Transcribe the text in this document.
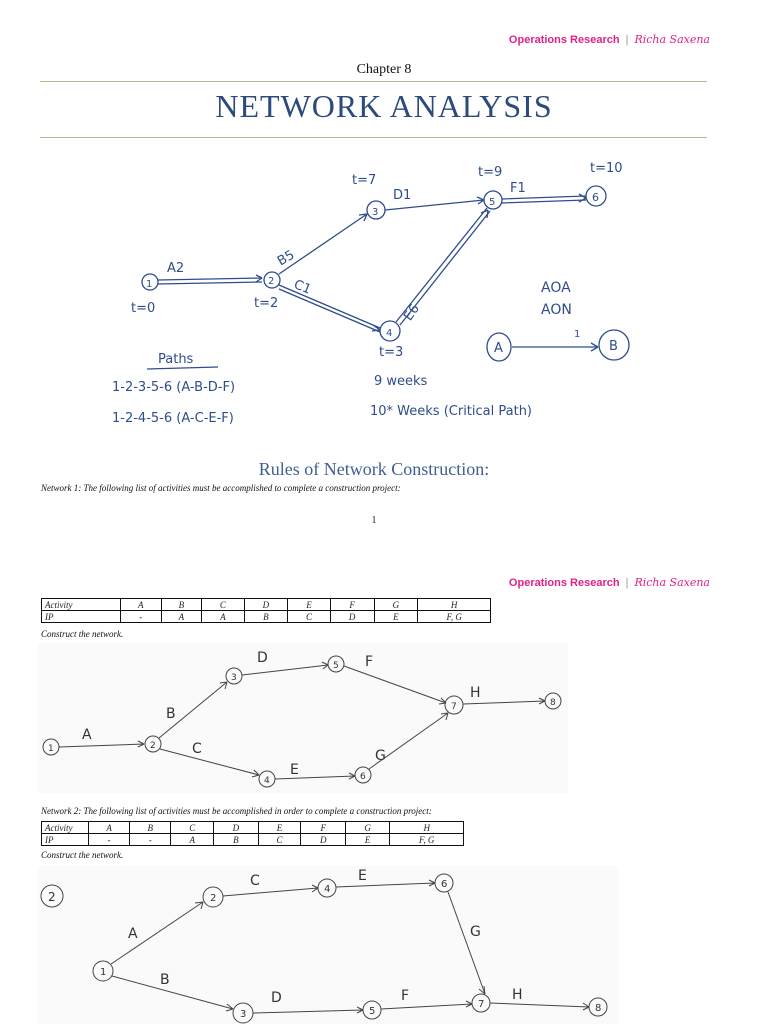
Operations Research | Richa Saxena
Chapter 8
NETWORK ANALYSIS
1	2
3
4
5	6
t=0	t=2
t=7
t=3
t=9	t=10
A2	B5
C1
D1
E6
F1
AOA
AON
A	B
1
Paths
1-2-3-5-6 (A-B-D-F)	9 weeks
1-2-4-5-6 (A-C-E-F)	10* Weeks (Critical Path)
Rules of Network Construction:
Network 1: The following list of activities must be accomplished to complete a construction project:
1
Operations Research | Richa Saxena
Activity	A	B	C	D	E	F	G	H
IP	-	A	A	B	C	D	E	F, G
Construct the network.
1	2
3
4
5
6
7	8
A
B
C
D
E
F
G
H
Network 2: The following list of activities must be accomplished in order to complete a construction project:
Activity	A	B	C	D	E	F	G	H
IP	-	-	A	B	C	D	E	F, G
Construct the network.
2
1
2
3
4
5
6
7	8
A
B
C
D
E
F
G
H
